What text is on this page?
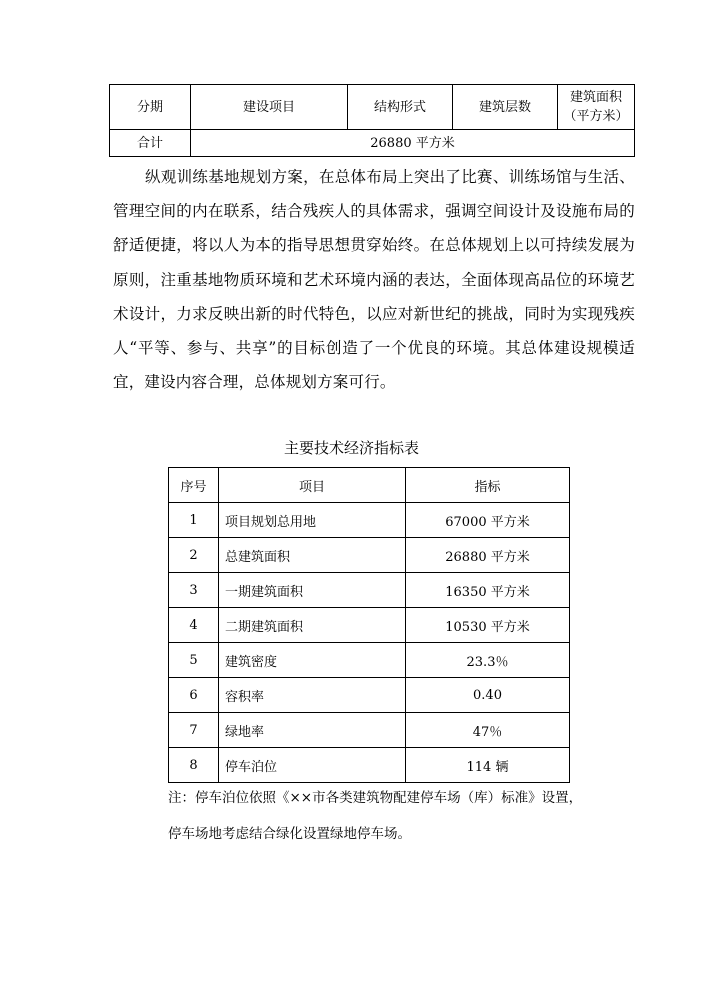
分期	建设项目	结构形式	建筑层数	建筑面积
（平方米）
合计	26880 平方米			

纵观训练基地规划方案，在总体布局上突出了比赛、训练场馆与生活、管理空间的内在联系，结合残疾人的具体需求，强调空间设计及设施布局的舒适便捷，将以人为本的指导思想贯穿始终。在总体规划上以可持续发展为原则，注重基地物质环境和艺术环境内涵的表达，全面体现高品位的环境艺术设计，力求反映出新的时代特色，以应对新世纪的挑战，同时为实现残疾人“平等、参与、共享”的目标创造了一个优良的环境。其总体建设规模适宜，建设内容合理，总体规划方案可行。

主要技术经济指标表
序号	项目	指标
1	项目规划总用地	67000 平方米
2	总建筑面积	26880 平方米
3	一期建筑面积	16350 平方米
4	二期建筑面积	10530 平方米
5	建筑密度	23.3％
6	容积率	0.40
7	绿地率	47％
8	停车泊位	114 辆

注：停车泊位依照《××市各类建筑物配建停车场（库）标准》设置，

停车场地考虑结合绿化设置绿地停车场。
